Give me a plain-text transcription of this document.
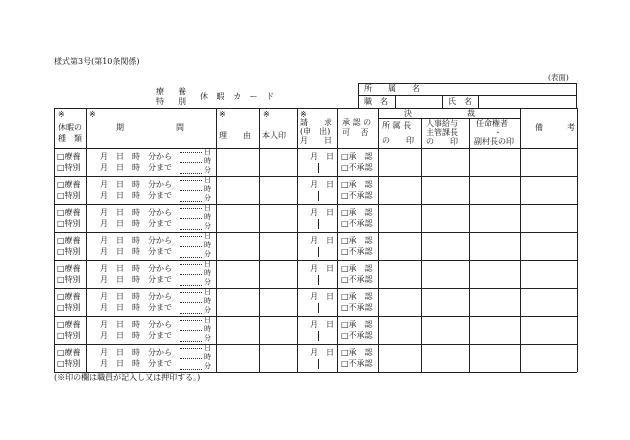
様式第3号(第10条関係)
(表面)
療　養
特　別
休 暇 カ ー ド
所　　属　　名
職　名	氏　名
※
休暇の
種　類
※
期　　　　　間
※
理　　由
※
本人印
※
請　　求
(申　出)
月　　日
承 認 の
可　 否
決　　　　　　裁
所 属 長
の　　印
人事給与
主管課長
の　　印
任命権者
・
副村長の印
備　　　考
□療養
□特別
月　日　時　分から
月　日　時　分まで
日
時
分
月　日 □承　認
□不承認
□療養
□特別
月　日　時　分から
月　日　時　分まで
日
時
分
月　日 □承　認
□不承認
□療養
□特別
月　日　時　分から
月　日　時　分まで
日
時
分
月　日 □承　認
□不承認
□療養
□特別
月　日　時　分から
月　日　時　分まで
日
時
分
月　日 □承　認
□不承認
□療養
□特別
月　日　時　分から
月　日　時　分まで
日
時
分
月　日 □承　認
□不承認
□療養
□特別
月　日　時　分から
月　日　時　分まで
日
時
分
月　日 □承　認
□不承認
□療養
□特別
月　日　時　分から
月　日　時　分まで
日
時
分
月　日 □承　認
□不承認
□療養
□特別
月　日　時　分から
月　日　時　分まで
日
時
分
月　日 □承　認
□不承認
(※印の欄は職員が記入し又は押印する。)
